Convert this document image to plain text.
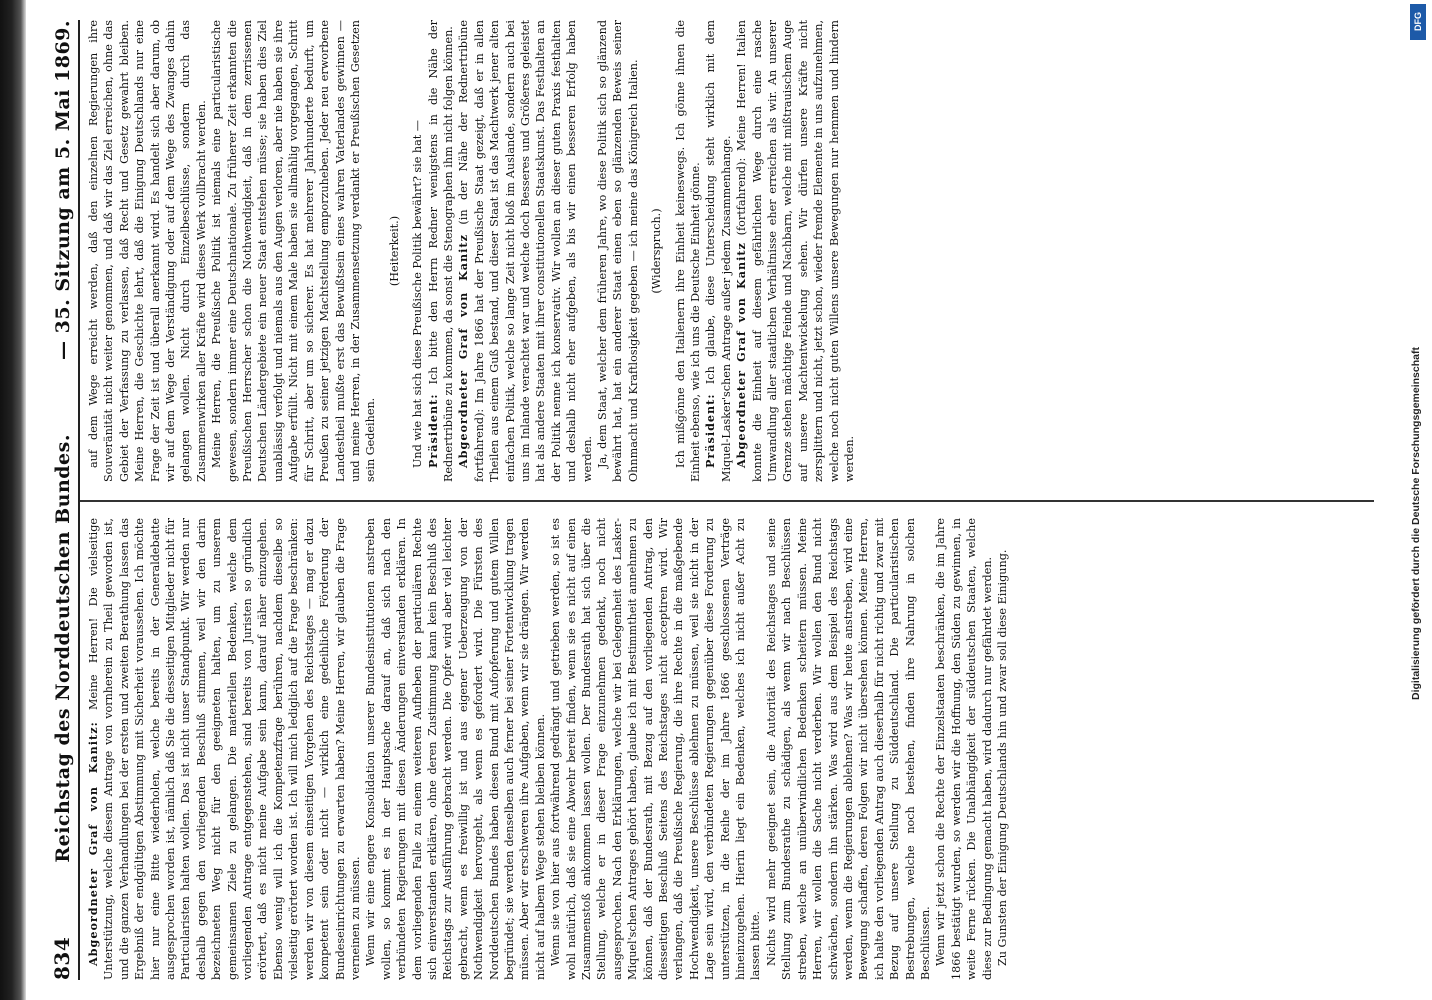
834
Reichstag des Norddeutschen Bundes.
— 35. Sitzung am 5. Mai 1869.

Abgeordneter Graf von Kanitz: Meine Herren! Die vielseitige Unterstützung, welche diesem Antrage von vornherein zu Theil geworden ist, und die ganzen Verhandlungen bei der ersten und zweiten Berathung lassen das Ergebniß der endgültigen Abstimmung mit Sicherheit voraussehen. Ich möchte hier nur eine Bitte wiederholen, welche bereits in der Generaldebatte ausgesprochen worden ist, nämlich daß Sie die diesseitigen Mitglieder nicht für Particularisten halten wollen. Das ist nicht unser Standpunkt. Wir werden nur deshalb gegen den vorliegenden Beschluß stimmen, weil wir den darin bezeichneten Weg nicht für den geeigneten halten, um zu unserem gemeinsamen Ziele zu gelangen. Die materiellen Bedenken, welche dem vorliegenden Antrage entgegenstehen, sind bereits von Juristen so gründlich erörtert, daß es nicht meine Aufgabe sein kann, darauf näher einzugehen. Ebenso wenig will ich die Kompetenzfrage berühren, nachdem dieselbe so vielseitig erörtert worden ist. Ich will mich lediglich auf die Frage beschränken: werden wir von diesem einseitigen Vorgehen des Reichstages — mag er dazu kompetent sein oder nicht — wirklich eine gedeihliche Förderung der Bundeseinrichtungen zu erwarten haben? Meine Herren, wir glauben die Frage verneinen zu müssen. Wenn wir eine engere Konsolidation unserer Bundesinstitutionen anstreben wollen, so kommt es in der Hauptsache darauf an, daß sich nach den verbündeten Regierungen mit diesen Änderungen einverstanden erklären. In dem vorliegenden Falle zu einem weiteren Aufheben der particulären Rechte sich einverstanden erklären, ohne deren Zustimmung kann kein Beschluß des Reichstags zur Ausführung gebracht werden. Die Opfer wird aber viel leichter gebracht, wenn es freiwillig ist und aus eigener Ueberzeugung von der Nothwendigkeit hervorgeht, als wenn es gefordert wird. Die Fürsten des Norddeutschen Bundes haben diesen Bund mit Aufopferung und gutem Willen begründet; sie werden denselben auch ferner bei seiner Fortentwicklung tragen müssen. Aber wir erschweren ihre Aufgaben, wenn wir sie drängen. Wir werden nicht auf halbem Wege stehen bleiben können. Wenn sie von hier aus fortwährend gedrängt und getrieben werden, so ist es wohl natürlich, daß sie eine Abwehr bereit finden, wenn sie es nicht auf einen Zusammenstoß ankommen lassen wollen. Der Bundesrath hat sich über die Stellung, welche er in dieser Frage einzunehmen gedenkt, noch nicht ausgesprochen. Nach den Erklärungen, welche wir bei Gelegenheit des Lasker-Miquel'schen Antrages gehört haben, glaube ich mit Bestimmtheit annehmen zu können, daß der Bundesrath, mit Bezug auf den vorliegenden Antrag, den diesseitigen Beschluß Seitens des Reichstages nicht acceptiren wird. Wir verlangen, daß die Preußische Regierung, die ihre Rechte in die maßgebende Hochwendigkeit, unsere Beschlüsse ablehnen zu müssen, weil sie nicht in der Lage sein wird, den verbündeten Regierungen gegenüber diese Forderung zu unterstützen, in die Reihe der im Jahre 1866 geschlossenen Verträge hineinzugehen. Hierin liegt ein Bedenken, welches ich nicht außer Acht zu lassen bitte. Nichts wird mehr geeignet sein, die Autorität des Reichstages und seine Stellung zum Bundesrathe zu schädigen, als wenn wir nach Beschlüssen streben, welche an unüberwindlichen Bedenken scheitern müssen. Meine Herren, wir wollen die Sache nicht verderben. Wir wollen den Bund nicht schwächen, sondern ihn stärken. Was wird aus dem Beispiel des Reichstags werden, wenn die Regierungen ablehnen? Was wir heute anstreben, wird eine Bewegung schaffen, deren Folgen wir nicht übersehen können. Meine Herren, ich halte den vorliegenden Antrag auch dieserhalb für nicht richtig und zwar mit Bezug auf unsere Stellung zu Süddeutschland. Die particularistischen Bestrebungen, welche noch bestehen, finden ihre Nahrung in solchen Beschlüssen. Wenn wir jetzt schon die Rechte der Einzelstaaten beschränken, die im Jahre 1866 bestätigt wurden, so werden wir die Hoffnung, den Süden zu gewinnen, in weite Ferne rücken. Die Unabhängigkeit der süddeutschen Staaten, welche diese zur Bedingung gemacht haben, wird dadurch nur gefährdet werden. Zu Gunsten der Einigung Deutschlands hin und zwar soll diese Einigung.

auf dem Wege erreicht werden, daß den einzelnen Regierungen ihre Souveränität nicht weiter genommen, und daß wir das Ziel erreichen, ohne das Gebiet der Verfassung zu verlassen, daß Recht und Gesetz gewahrt bleiben. Meine Herren, die Geschichte lehrt, daß die Einigung Deutschlands nur eine Frage der Zeit ist und überall anerkannt wird. Es handelt sich aber darum, ob wir auf dem Wege der Verständigung oder auf dem Wege des Zwanges dahin gelangen wollen. Nicht durch Einzelbeschlüsse, sondern durch das Zusammenwirken aller Kräfte wird dieses Werk vollbracht werden. Meine Herren, die Preußische Politik ist niemals eine particularistische gewesen, sondern immer eine Deutschnationale. Zu früherer Zeit erkannten die Preußischen Herrscher schon die Nothwendigkeit, daß in dem zerrissenen Deutschen Ländergebiete ein neuer Staat entstehen müsse; sie haben dies Ziel unablässig verfolgt und niemals aus den Augen verloren, aber nie haben sie ihre Aufgabe erfüllt. Nicht mit einem Male haben sie allmählig vorgegangen, Schritt für Schritt, aber um so sicherer. Es hat mehrerer Jahrhunderte bedurft, um Preußen zu seiner jetzigen Machtstellung emporzuheben. Jeder neu erworbene Landestheil mußte erst das Bewußtsein eines wahren Vaterlandes gewinnen — und meine Herren, in der Zusammensetzung verdankt er Preußischen Gesetzen sein Gedeihen.

(Heiterkeit.) Und wie hat sich diese Preußische Politik bewährt? sie hat — Präsident: Ich bitte den Herrn Redner wenigstens in die Nähe der Rednertribüne zu kommen, da sonst die Stenographen ihm nicht folgen können. Abgeordneter Graf von Kanitz (in der Nähe der Rednertribüne fortfahrend): Im Jahre 1866 hat der Preußische Staat gezeigt, daß er in allen Theilen aus einem Guß bestand, und dieser Staat ist das Machtwerk jener alten einfachen Politik, welche so lange Zeit nicht bloß im Auslande, sondern auch bei uns im Inlande verachtet war und welche doch Besseres und Größeres geleistet hat als andere Staaten mit ihrer constitutionellen Staatskunst. Das Festhalten an der Politik nenne ich konservativ. Wir wollen an dieser guten Praxis festhalten und deshalb nicht eher aufgeben, als bis wir einen besseren Erfolg haben werden. Ja, dem Staat, welcher dem früheren Jahre, wo diese Politik sich so glänzend bewährt hat, hat ein anderer Staat einen eben so glänzenden Beweis seiner Ohnmacht und Kraftlosigkeit gegeben — ich meine das Königreich Italien. (Widerspruch.) Ich mißgönne den Italienern ihre Einheit keineswegs. Ich gönne ihnen die Einheit ebenso, wie ich uns die Deutsche Einheit gönne. Präsident: Ich glaube, diese Unterscheidung steht wirklich mit dem Miquel-Lasker'schen Antrage außer jedem Zusammenhange. Abgeordneter Graf von Kanitz (fortfahrend): Meine Herren! Italien konnte die Einheit auf diesem gefährlichen Wege durch eine rasche Umwandlung aller staatlichen Verhältnisse eher erreichen als wir. An unserer Grenze stehen mächtige Feinde und Nachbarn, welche mit mißtrauischem Auge auf unsere Machtentwickelung sehen. Wir dürfen unsere Kräfte nicht zersplittern und nicht, jetzt schon, wieder fremde Elemente in uns aufzunehmen, welche noch nicht guten Willens unsere Bewegungen nur hemmen und hindern werden.	Digitalisierung gefördert durch die Deutsche Forschungsgemeinschaft
DFG
